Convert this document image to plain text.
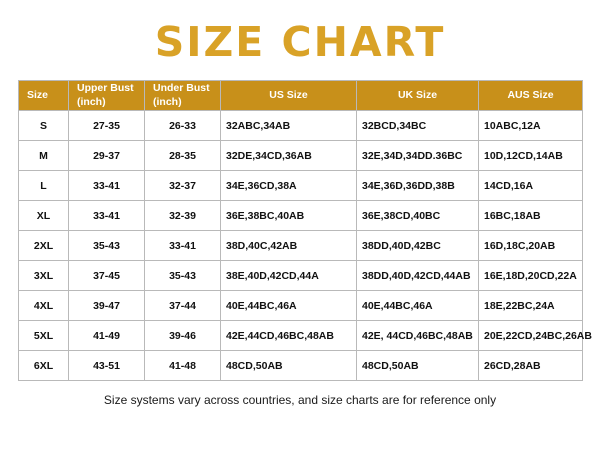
SIZE CHART
Size	Upper Bust (inch)	Under Bust (inch)	US Size	UK Size	AUS Size
S	27-35	26-33	32ABC,34AB	32BCD,34BC	10ABC,12A
M	29-37	28-35	32DE,34CD,36AB	32E,34D,34DD.36BC	10D,12CD,14AB
L	33-41	32-37	34E,36CD,38A	34E,36D,36DD,38B	14CD,16A
XL	33-41	32-39	36E,38BC,40AB	36E,38CD,40BC	16BC,18AB
2XL	35-43	33-41	38D,40C,42AB	38DD,40D,42BC	16D,18C,20AB
3XL	37-45	35-43	38E,40D,42CD,44A	38DD,40D,42CD,44AB	16E,18D,20CD,22A
4XL	39-47	37-44	40E,44BC,46A	40E,44BC,46A	18E,22BC,24A
5XL	41-49	39-46	42E,44CD,46BC,48AB	42E, 44CD,46BC,48AB	20E,22CD,24BC,26AB
6XL	43-51	41-48	48CD,50AB	48CD,50AB	26CD,28AB
Size systems vary across countries, and size charts are for reference only
